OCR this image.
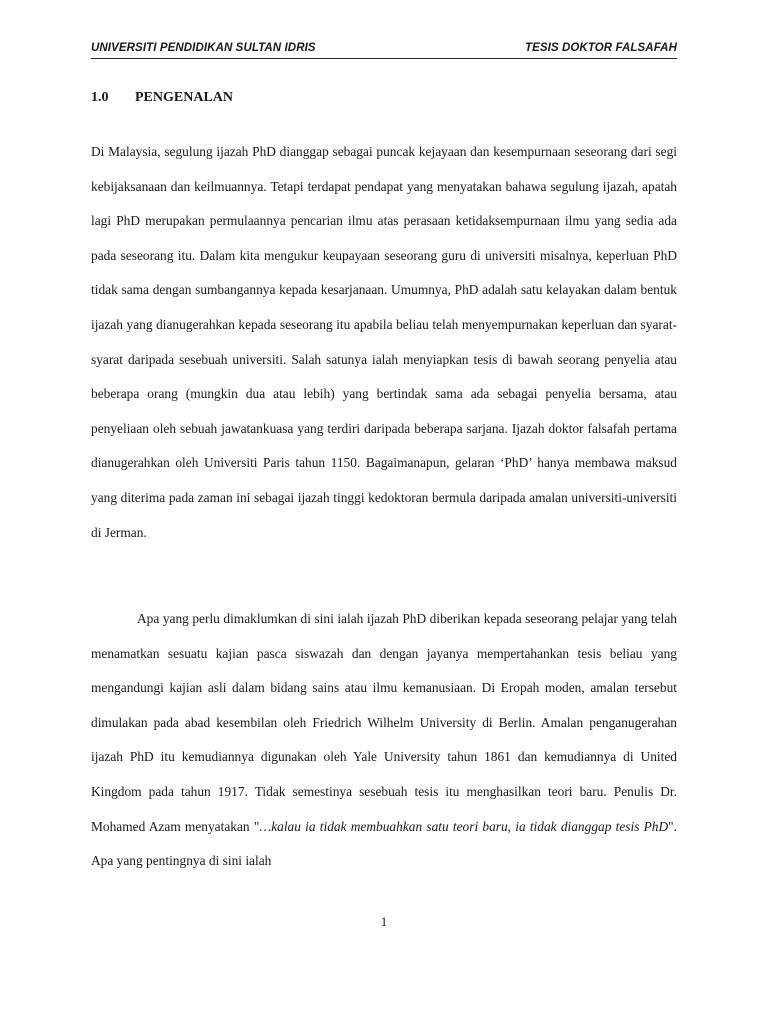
UNIVERSITI PENDIDIKAN SULTAN IDRIS	TESIS DOKTOR FALSAFAH
1.0 PENGENALAN

Di Malaysia, segulung ijazah PhD dianggap sebagai puncak kejayaan dan kesempurnaan seseorang dari segi kebijaksanaan dan keilmuannya. Tetapi terdapat pendapat yang menyatakan bahawa segulung ijazah, apatah lagi PhD merupakan permulaannya pencarian ilmu atas perasaan ketidaksempurnaan ilmu yang sedia ada pada seseorang itu. Dalam kita mengukur keupayaan seseorang guru di universiti misalnya, keperluan PhD tidak sama dengan sumbangannya kepada kesarjanaan. Umumnya, PhD adalah satu kelayakan dalam bentuk ijazah yang dianugerahkan kepada seseorang itu apabila beliau telah menyempurnakan keperluan dan syarat-syarat daripada sesebuah universiti. Salah satunya ialah menyiapkan tesis di bawah seorang penyelia atau beberapa orang (mungkin dua atau lebih) yang bertindak sama ada sebagai penyelia bersama, atau penyeliaan oleh sebuah jawatankuasa yang terdiri daripada beberapa sarjana. Ijazah doktor falsafah pertama dianugerahkan oleh Universiti Paris tahun 1150. Bagaimanapun, gelaran ‘PhD’ hanya membawa maksud yang diterima pada zaman ini sebagai ijazah tinggi kedoktoran bermula daripada amalan universiti-universiti di Jerman.

Apa yang perlu dimaklumkan di sini ialah ijazah PhD diberikan kepada seseorang pelajar yang telah menamatkan sesuatu kajian pasca siswazah dan dengan jayanya mempertahankan tesis beliau yang mengandungi kajian asli dalam bidang sains atau ilmu kemanusiaan. Di Eropah moden, amalan tersebut dimulakan pada abad kesembilan oleh Friedrich Wilhelm University di Berlin. Amalan penganugerahan ijazah PhD itu kemudiannya digunakan oleh Yale University tahun 1861 dan kemudiannya di United Kingdom pada tahun 1917. Tidak semestinya sesebuah tesis itu menghasilkan teori baru. Penulis Dr. Mohamed Azam menyatakan "…kalau ia tidak membuahkan satu teori baru, ia tidak dianggap tesis PhD". Apa yang pentingnya di sini ialah

1
